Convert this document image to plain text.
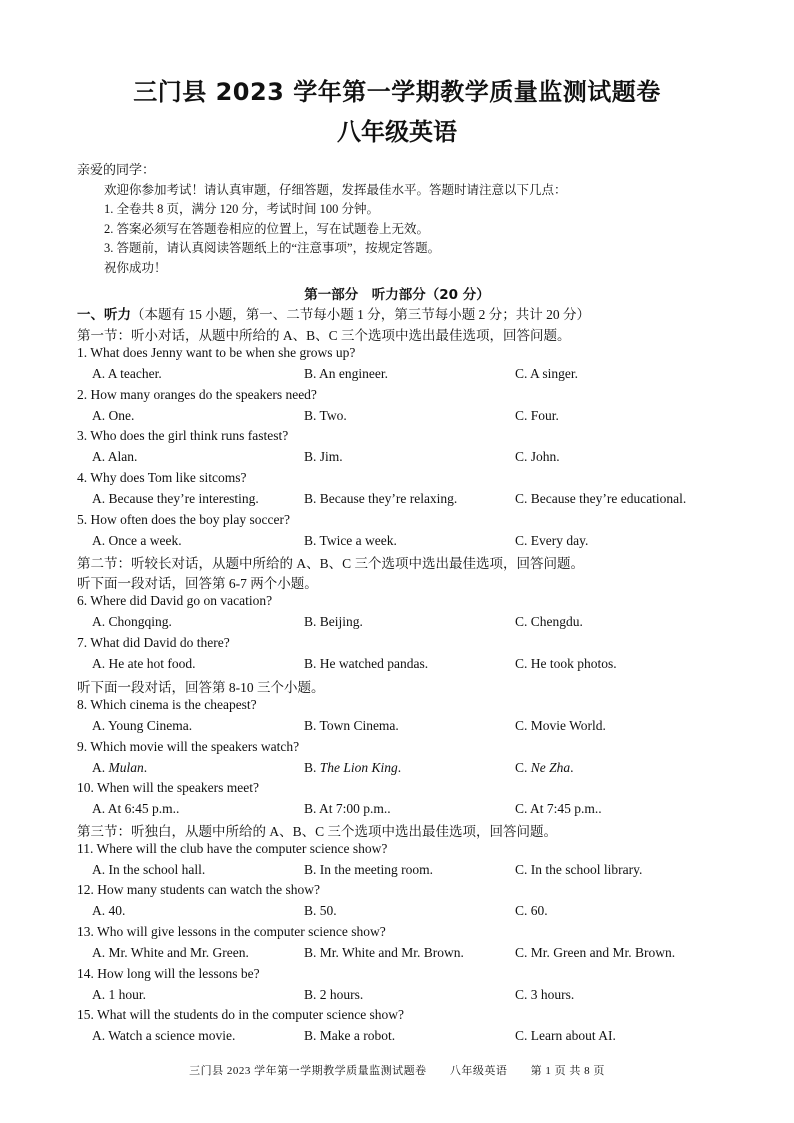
三门县 2023 学年第一学期教学质量监测试题卷
八年级英语
亲爱的同学：
欢迎你参加考试！请认真审题，仔细答题，发挥最佳水平。答题时请注意以下几点：
1. 全卷共 8 页，满分 120 分，考试时间 100 分钟。
2. 答案必须写在答题卷相应的位置上，写在试题卷上无效。
3. 答题前，请认真阅读答题纸上的“注意事项”，按规定答题。
祝你成功！
第一部分　听力部分（20 分）
一、听力（本题有 15 小题，第一、二节每小题 1 分，第三节每小题 2 分；共计 20 分）
第一节：听小对话，从题中所给的 A、B、C 三个选项中选出最佳选项，回答问题。
1. What does Jenny want to be when she grows up?
A. A teacher.	B. An engineer.	C. A singer.
2. How many oranges do the speakers need?
A. One.	B. Two.	C. Four.
3. Who does the girl think runs fastest?
A. Alan.	B. Jim.	C. John.
4. Why does Tom like sitcoms?
A. Because they’re interesting.	B. Because they’re relaxing.	C. Because they’re educational.
5. How often does the boy play soccer?
A. Once a week.	B. Twice a week.	C. Every day.
第二节：听较长对话，从题中所给的 A、B、C 三个选项中选出最佳选项，回答问题。
听下面一段对话，回答第 6-7 两个小题。
6. Where did David go on vacation?
A. Chongqing.	B. Beijing.	C. Chengdu.
7. What did David do there?
A. He ate hot food.	B. He watched pandas.	C. He took photos.
听下面一段对话，回答第 8-10 三个小题。
8. Which cinema is the cheapest?
A. Young Cinema.	B. Town Cinema.	C. Movie World.
9. Which movie will the speakers watch?
A. Mulan.	B. The Lion King.	C. Ne Zha.
10. When will the speakers meet?
A. At 6:45 p.m..	B. At 7:00 p.m..	C. At 7:45 p.m..
第三节：听独白，从题中所给的 A、B、C 三个选项中选出最佳选项，回答问题。
11. Where will the club have the computer science show?
A. In the school hall.	B. In the meeting room.	C. In the school library.
12. How many students can watch the show?
A. 40.	B. 50.	C. 60.
13. Who will give lessons in the computer science show?
A. Mr. White and Mr. Green.	B. Mr. White and Mr. Brown.	C. Mr. Green and Mr. Brown.
14. How long will the lessons be?
A. 1 hour.	B. 2 hours.	C. 3 hours.
15. What will the students do in the computer science show?
A. Watch a science movie.	B. Make a robot.	C. Learn about AI.
三门县 2023 学年第一学期教学质量监测试题卷 八年级英语 第 1 页 共 8 页
